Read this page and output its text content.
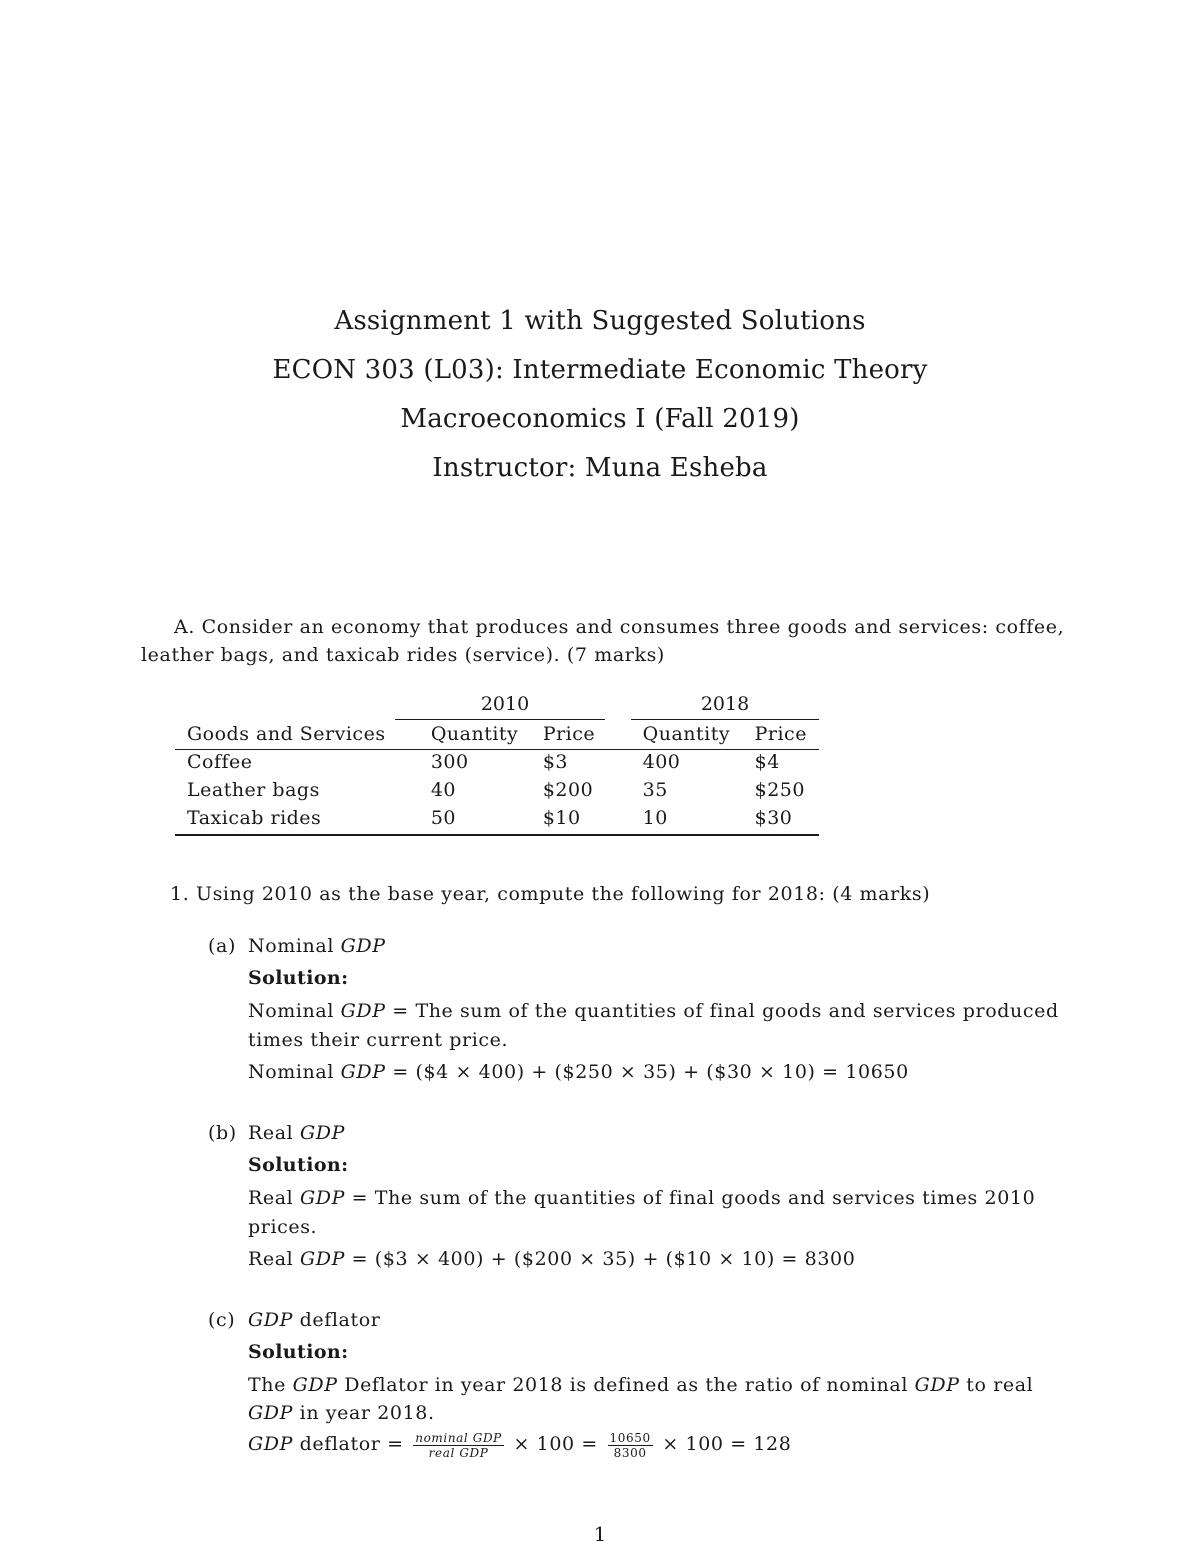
Assignment 1 with Suggested Solutions
ECON 303 (L03): Intermediate Economic Theory
Macroeconomics I (Fall 2019)
Instructor: Muna Esheba
A. Consider an economy that produces and consumes three goods and services: coffee,
leather bags, and taxicab rides (service). (7 marks)
2010	2018
Goods and Services	Quantity	Price	Quantity	Price
Coffee	300	$3	400	$4
Leather bags	40	$200	35	$250
Taxicab rides	50	$10	10	$30
1. Using 2010 as the base year, compute the following for 2018: (4 marks)
(a) Nominal GDP
Solution:
Nominal GDP = The sum of the quantities of final goods and services produced
times their current price.
Nominal GDP = ($4 × 400) + ($250 × 35) + ($30 × 10) = 10650
(b) Real GDP
Solution:
Real GDP = The sum of the quantities of final goods and services times 2010
prices.
Real GDP = ($3 × 400) + ($200 × 35) + ($10 × 10) = 8300
(c) GDP deflator
Solution:
The GDP Deflator in year 2018 is defined as the ratio of nominal GDP to real
GDP in year 2018.
GDP deflator = $\frac{\text{nominal GDP}}{\text{real GDP}} \times 100 = \frac{10650}{8300} \times 100 = 128$
1
